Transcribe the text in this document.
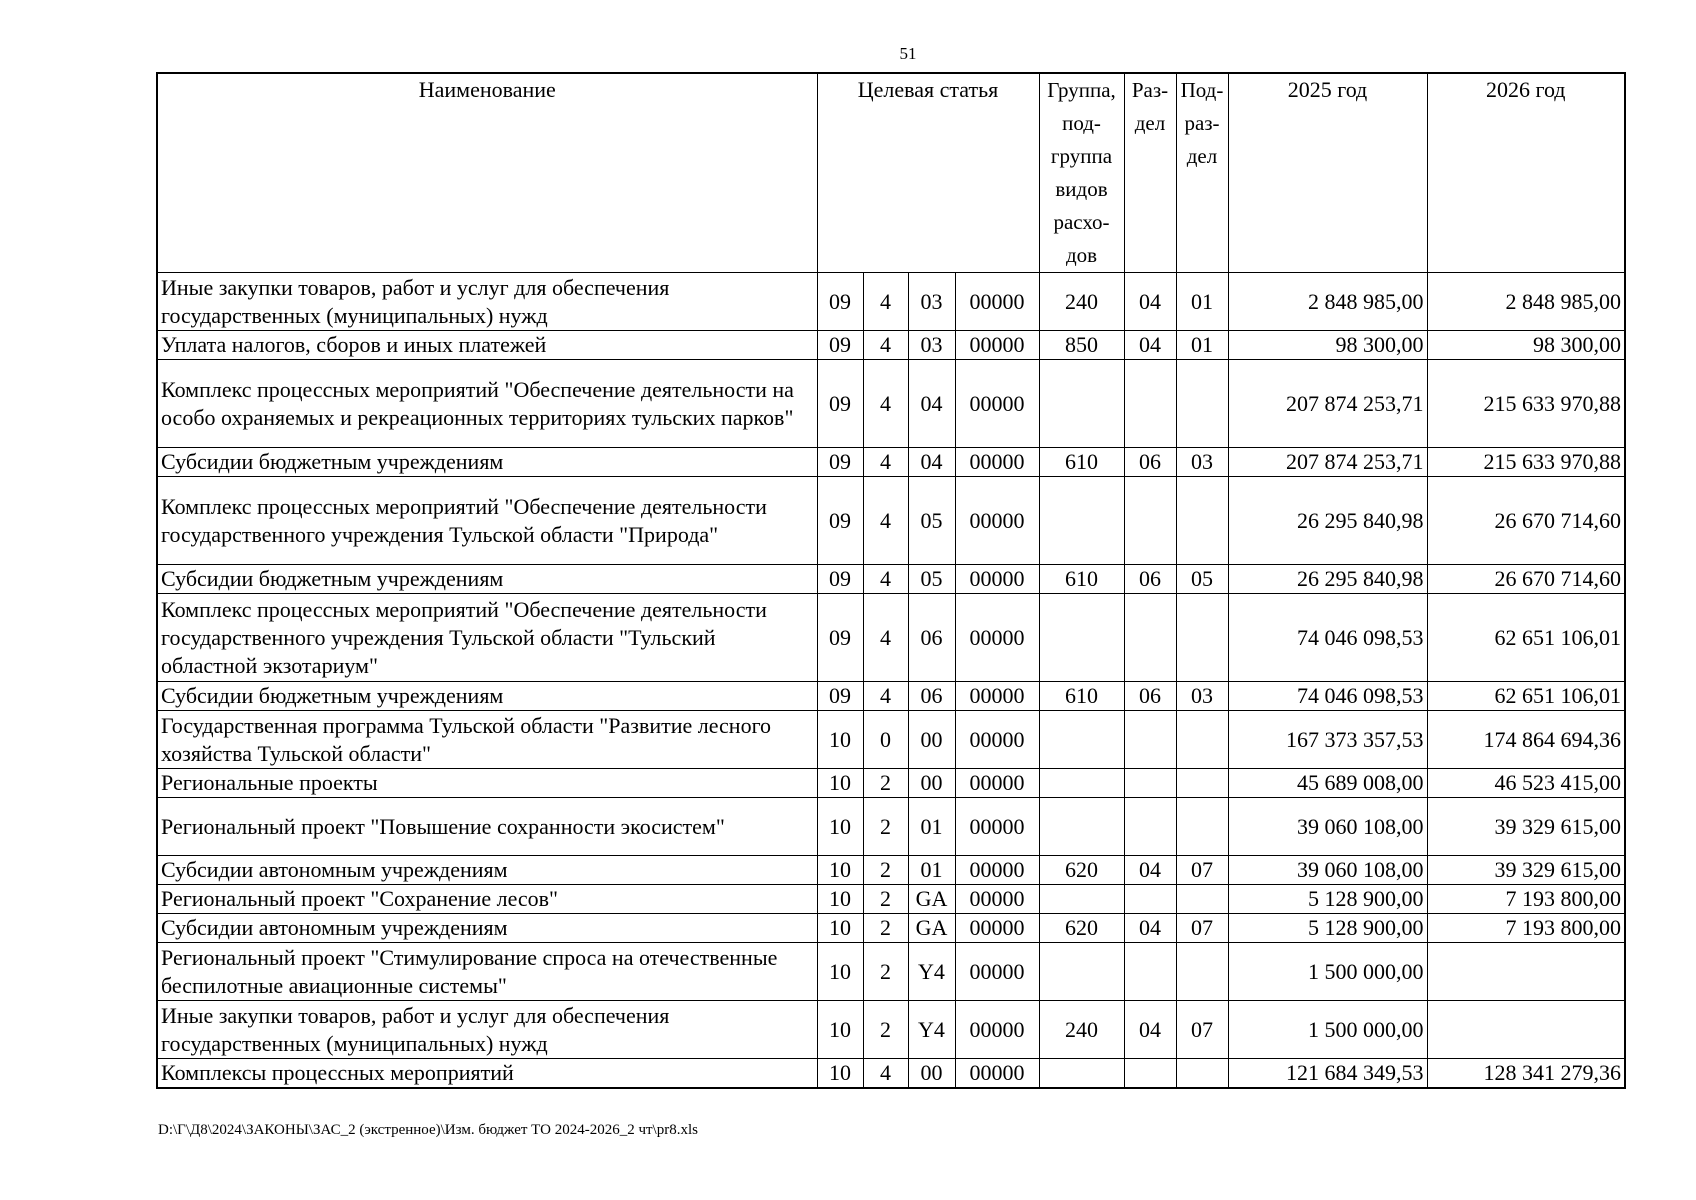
51
Наименование	Целевая статья				Группа, под-группа видов расхо-дов	Раз-дел	Под-раз-дел	2025 год	2026 год
Иные закупки товаров, работ и услуг для обеспечения государственных (муниципальных) нужд	09	4	03	00000	240	04	01	2 848 985,00	2 848 985,00
Уплата налогов, сборов и иных платежей	09	4	03	00000	850	04	01	98 300,00	98 300,00
Комплекс процессных мероприятий "Обеспечение деятельности на особо охраняемых и рекреационных территориях тульских парков"	09	4	04	00000				207 874 253,71	215 633 970,88
Субсидии бюджетным учреждениям	09	4	04	00000	610	06	03	207 874 253,71	215 633 970,88
Комплекс процессных мероприятий "Обеспечение деятельности государственного учреждения Тульской области "Природа"	09	4	05	00000				26 295 840,98	26 670 714,60
Субсидии бюджетным учреждениям	09	4	05	00000	610	06	05	26 295 840,98	26 670 714,60
Комплекс процессных мероприятий "Обеспечение деятельности государственного учреждения Тульской области "Тульский областной экзотариум"	09	4	06	00000				74 046 098,53	62 651 106,01
Субсидии бюджетным учреждениям	09	4	06	00000	610	06	03	74 046 098,53	62 651 106,01
Государственная программа Тульской области "Развитие лесного хозяйства Тульской области"	10	0	00	00000				167 373 357,53	174 864 694,36
Региональные проекты	10	2	00	00000				45 689 008,00	46 523 415,00
Региональный проект "Повышение сохранности экосистем"	10	2	01	00000				39 060 108,00	39 329 615,00
Субсидии автономным учреждениям	10	2	01	00000	620	04	07	39 060 108,00	39 329 615,00
Региональный проект "Сохранение лесов"	10	2	GA	00000				5 128 900,00	7 193 800,00
Субсидии автономным учреждениям	10	2	GA	00000	620	04	07	5 128 900,00	7 193 800,00
Региональный проект "Стимулирование спроса на отечественные беспилотные авиационные системы"	10	2	Y4	00000				1 500 000,00	
Иные закупки товаров, работ и услуг для обеспечения государственных (муниципальных) нужд	10	2	Y4	00000	240	04	07	1 500 000,00	
Комплексы процессных мероприятий	10	4	00	00000				121 684 349,53	128 341 279,36
D:\Г\Д8\2024\ЗАКОНЫ\ЗАС_2 (экстренное)\Изм. бюджет ТО 2024-2026_2 чт\pr8.xls
